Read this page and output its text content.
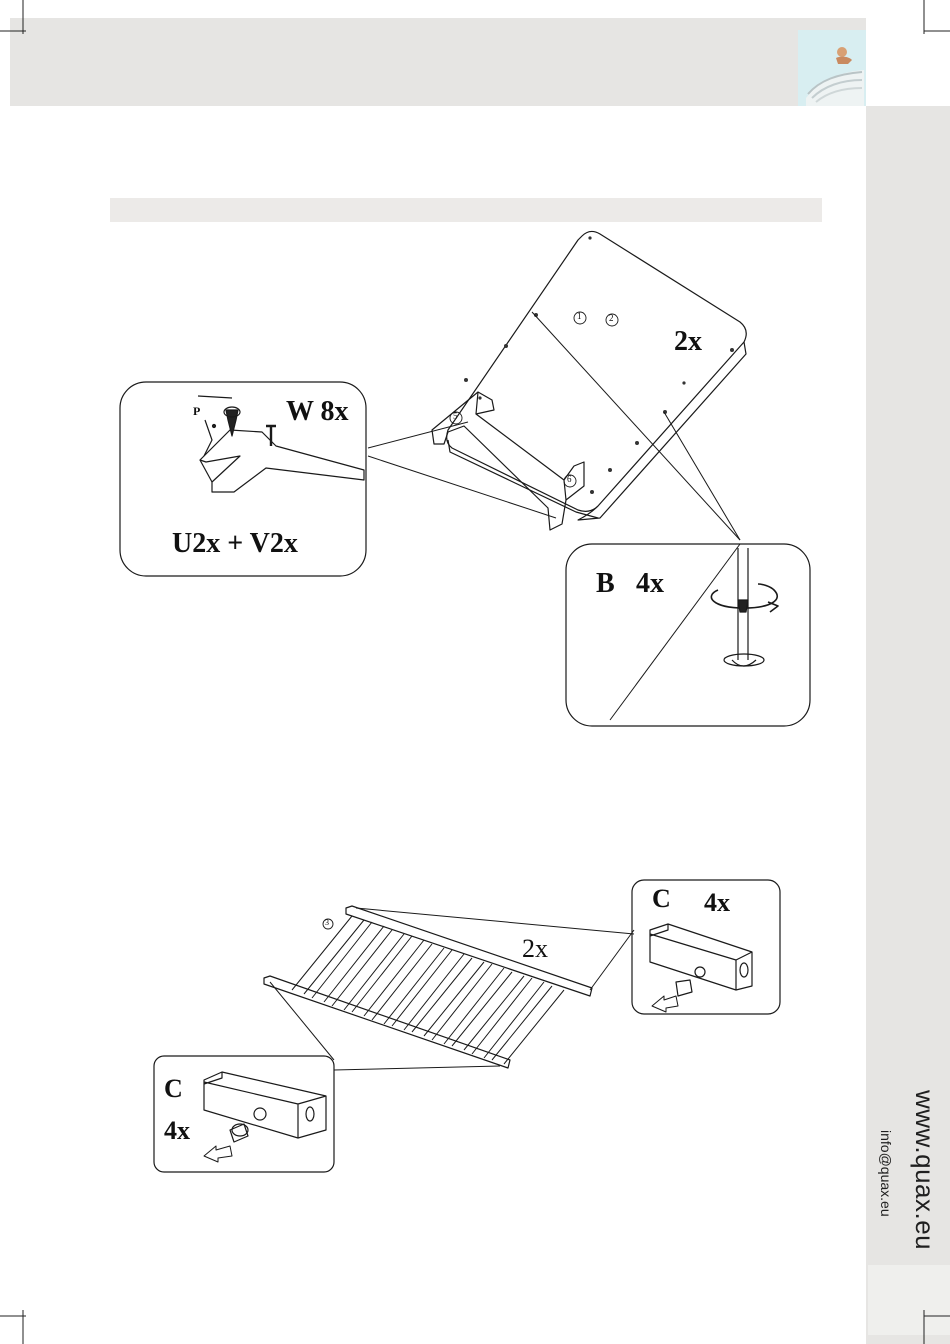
www.quax.eu
info@quax.eu
2x
1	2
5
6
W 8x
P
U2x + V2x
B 4x
3
2x
C 4x
C
4x
